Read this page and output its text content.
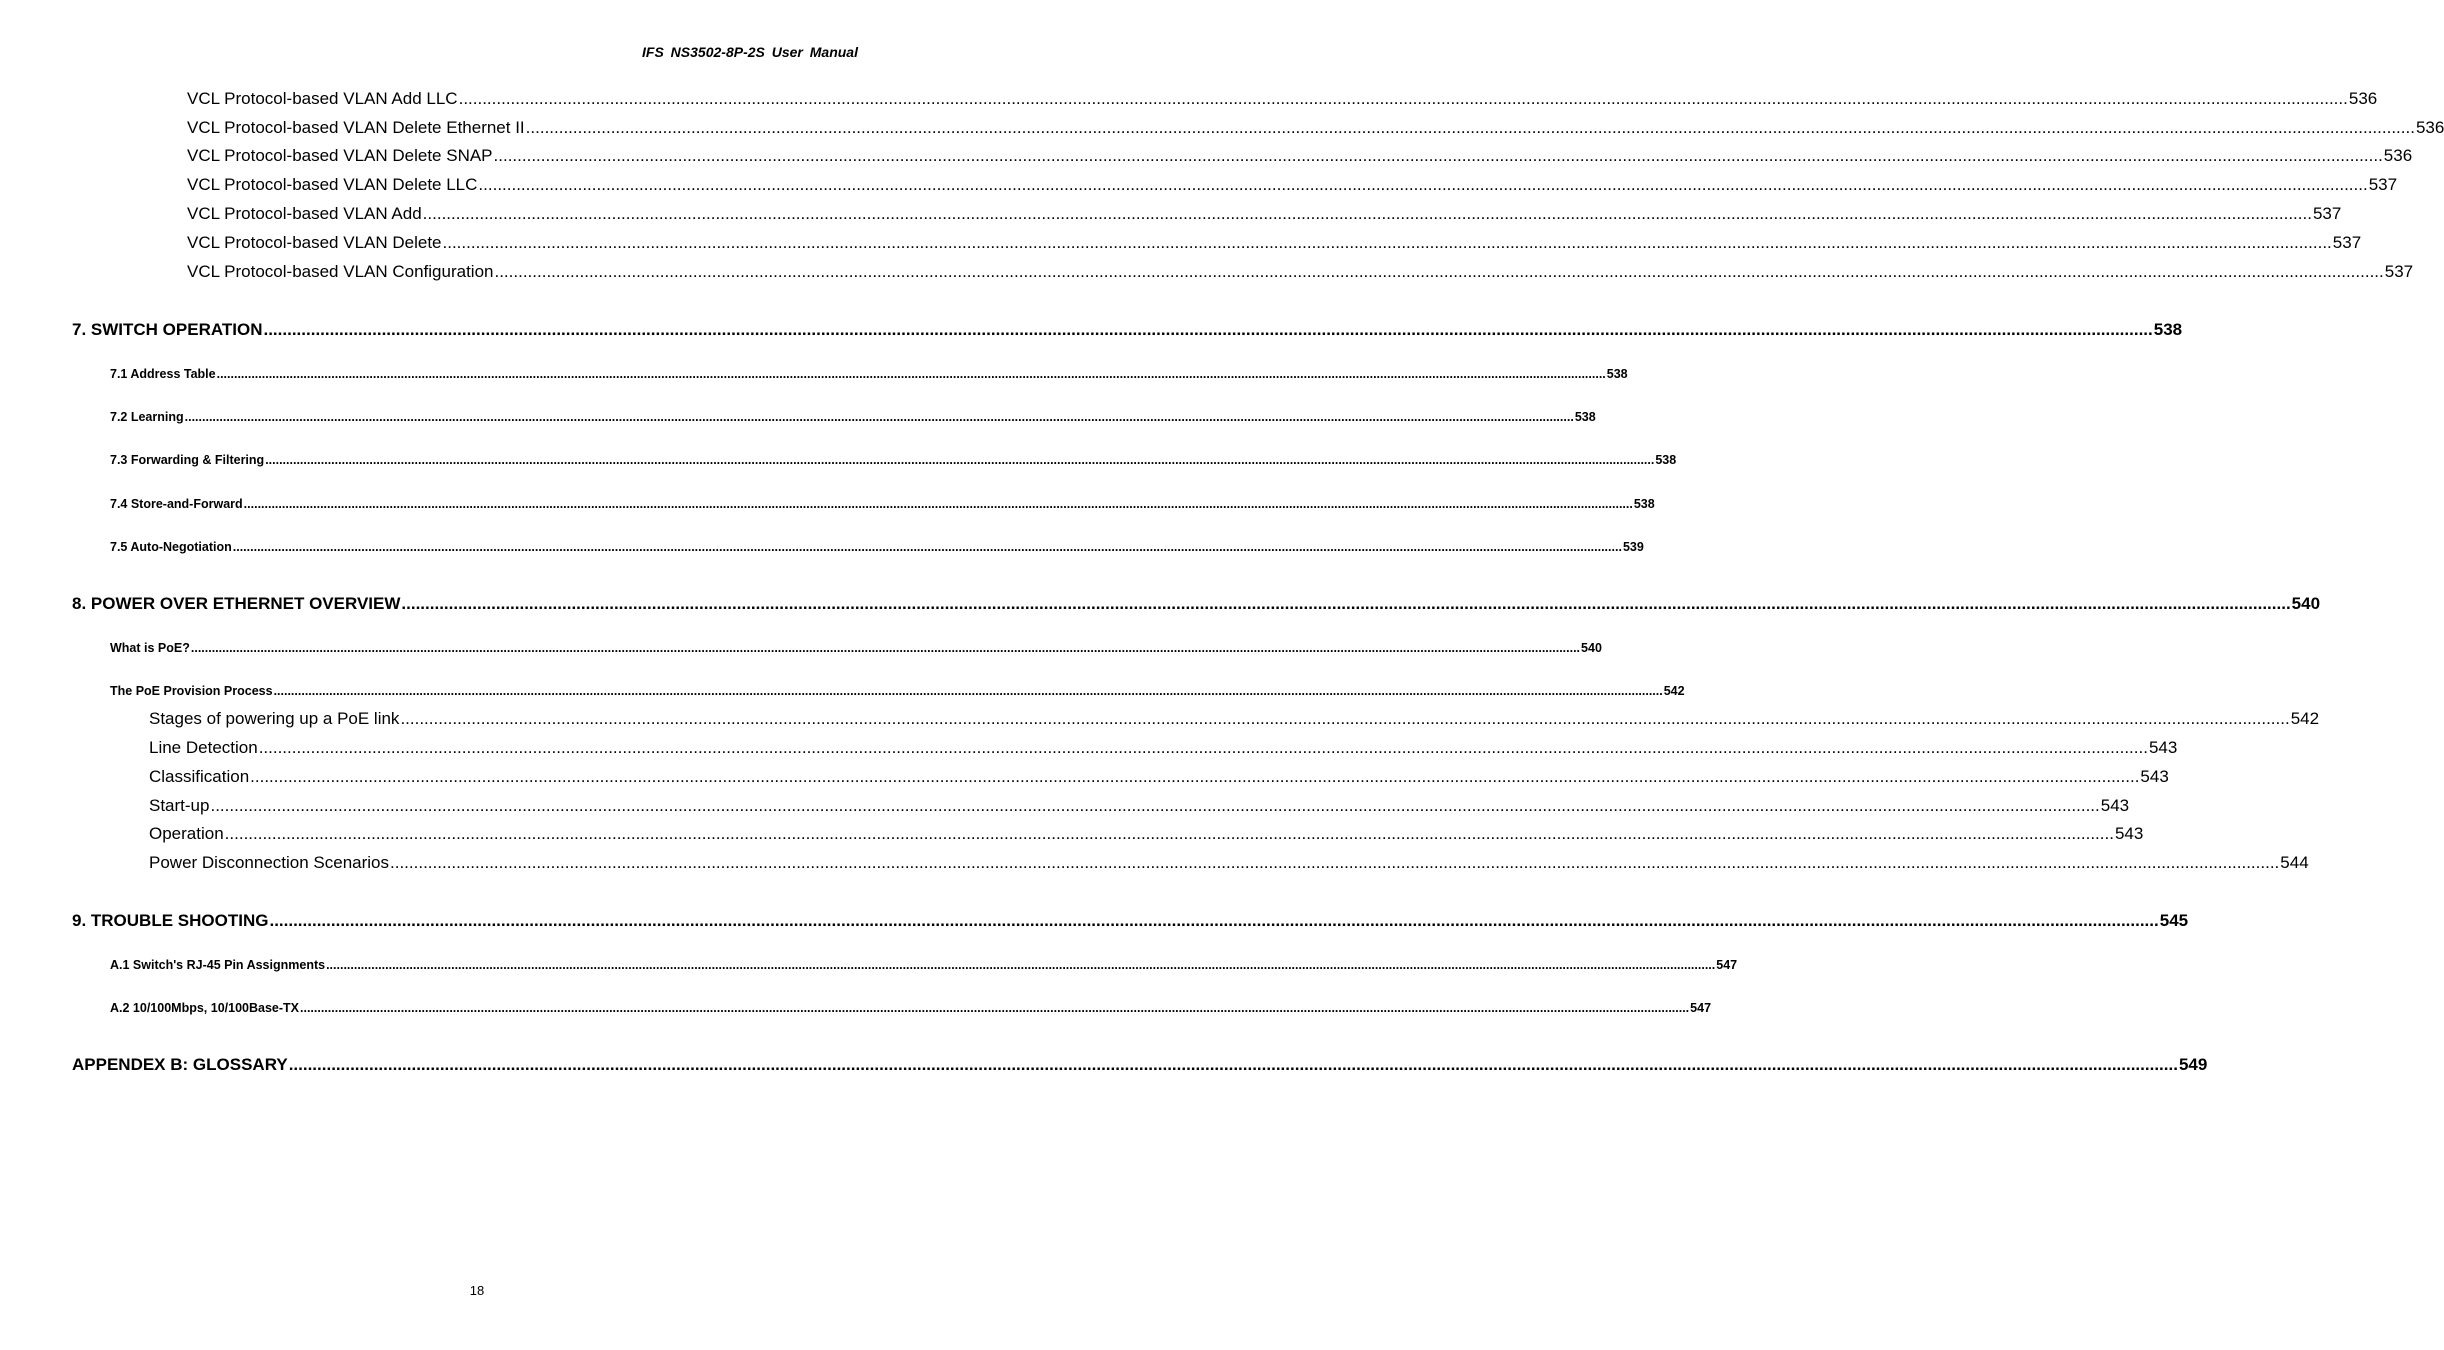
IFS NS3502-8P-2S User Manual
VCL Protocol-based VLAN Add LLC ................................................................................................................................................................................................................................................................................................................................................................................................................ 536
VCL Protocol-based VLAN Delete Ethernet II ................................................................................................................................................................................................................................................................................................................................................................................................................ 536
VCL Protocol-based VLAN Delete SNAP ................................................................................................................................................................................................................................................................................................................................................................................................................ 536
VCL Protocol-based VLAN Delete LLC ................................................................................................................................................................................................................................................................................................................................................................................................................ 537
VCL Protocol-based VLAN Add ................................................................................................................................................................................................................................................................................................................................................................................................................ 537
VCL Protocol-based VLAN Delete ................................................................................................................................................................................................................................................................................................................................................................................................................ 537
VCL Protocol-based VLAN Configuration ................................................................................................................................................................................................................................................................................................................................................................................................................ 537
7. SWITCH OPERATION ................................................................................................................................................................................................................................................................................................................................................................................................................ 538
7.1 Address Table ................................................................................................................................................................................................................................................................................................................................................................................................................ 538
7.2 Learning ................................................................................................................................................................................................................................................................................................................................................................................................................ 538
7.3 Forwarding & Filtering ................................................................................................................................................................................................................................................................................................................................................................................................................ 538
7.4 Store-and-Forward ................................................................................................................................................................................................................................................................................................................................................................................................................ 538
7.5 Auto-Negotiation ................................................................................................................................................................................................................................................................................................................................................................................................................ 539
8. POWER OVER ETHERNET OVERVIEW ................................................................................................................................................................................................................................................................................................................................................................................................................ 540
What is PoE? ................................................................................................................................................................................................................................................................................................................................................................................................................ 540
The PoE Provision Process ................................................................................................................................................................................................................................................................................................................................................................................................................ 542
Stages of powering up a PoE link ................................................................................................................................................................................................................................................................................................................................................................................................................ 542
Line Detection ................................................................................................................................................................................................................................................................................................................................................................................................................ 543
Classification ................................................................................................................................................................................................................................................................................................................................................................................................................ 543
Start-up ................................................................................................................................................................................................................................................................................................................................................................................................................ 543
Operation ................................................................................................................................................................................................................................................................................................................................................................................................................ 543
Power Disconnection Scenarios ................................................................................................................................................................................................................................................................................................................................................................................................................ 544
9. TROUBLE SHOOTING ................................................................................................................................................................................................................................................................................................................................................................................................................ 545
A.1 Switch's RJ-45 Pin Assignments ................................................................................................................................................................................................................................................................................................................................................................................................................ 547
A.2 10/100Mbps, 10/100Base-TX ................................................................................................................................................................................................................................................................................................................................................................................................................ 547
APPENDEX B: GLOSSARY ................................................................................................................................................................................................................................................................................................................................................................................................................ 549
18
